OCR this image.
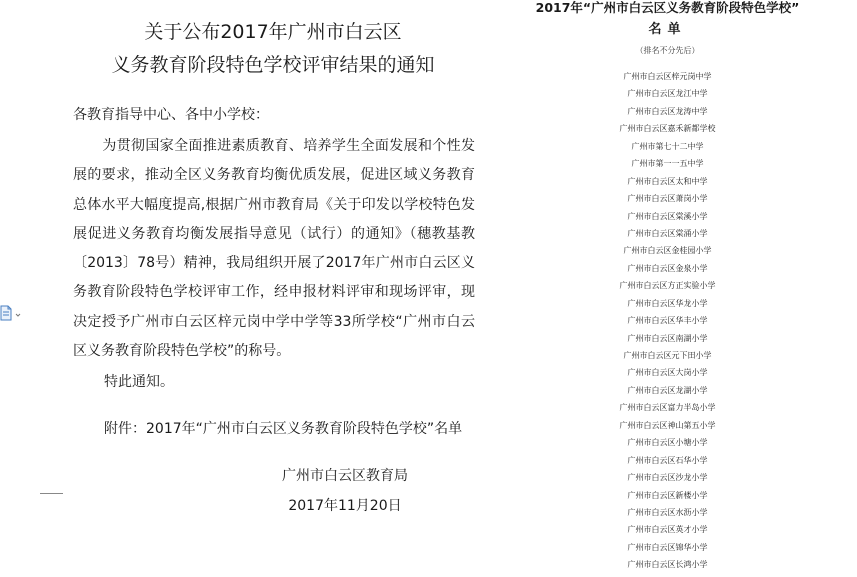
关于公布2017年广州市白云区
义务教育阶段特色学校评审结果的通知
各教育指导中心、各中小学校：
为贯彻国家全面推进素质教育、培养学生全面发展和个性发展的要求，推动全区义务教育均衡优质发展，促进区域义务教育总体水平大幅度提高,根据广州市教育局《关于印发以学校特色发展促进义务教育均衡发展指导意见（试行）的通知》（穗教基教〔2013〕78号）精神，我局组织开展了2017年广州市白云区义务教育阶段特色学校评审工作，经申报材料评审和现场评审，现决定授予广州市白云区梓元岗中学中学等33所学校“广州市白云区义务教育阶段特色学校”的称号。
特此通知。
附件：2017年“广州市白云区义务教育阶段特色学校”名单
广州市白云区教育局
2017年11月20日
2017年“广州市白云区义务教育阶段特色学校”
名单
（排名不分先后）
广州市白云区梓元岗中学
广州市白云区龙江中学
广州市白云区龙涛中学
广州市白云区嘉禾新都学校
广州市第七十二中学
广州市第一一五中学
广州市白云区太和中学
广州市白云区萧岗小学
广州市白云区棠溪小学
广州市白云区棠涌小学
广州市白云区金桂园小学
广州市白云区金泉小学
广州市白云区方正实验小学
广州市白云区华龙小学
广州市白云区华丰小学
广州市白云区南湖小学
广州市白云区元下田小学
广州市白云区大岗小学
广州市白云区龙湖小学
广州市白云区富力半岛小学
广州市白云区神山第五小学
广州市白云区小塘小学
广州市白云区石华小学
广州市白云区沙龙小学
广州市白云区新楼小学
广州市白云区水沥小学
广州市白云区英才小学
广州市白云区锦华小学
广州市白云区长鸿小学
